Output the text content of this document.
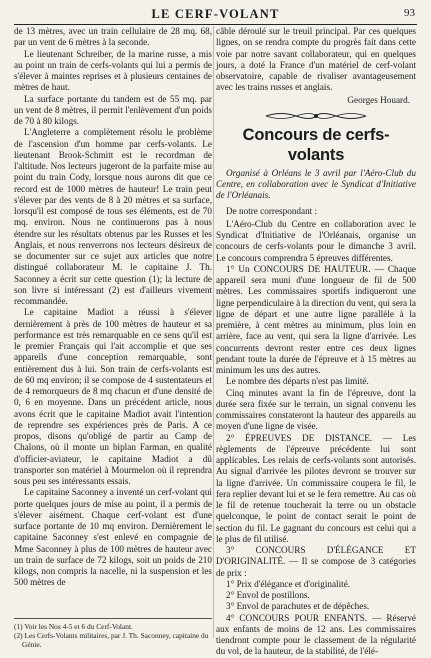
LE CERF-VOLANT	93

de 13 mètres, avec un train cellulaire de 28 mq. 68, par un vent de 6 mètres à la seconde.

Le lieutenant Schreiber, de la marine russe, a mis au point un train de cerfs-volants qui lui a permis de s'élever à maintes reprises et à plusieurs centaines de mètres de haut.

La surface portante du tandem est de 55 mq. par un vent de 8 mètres, il permit l'enlèvement d'un poids de 70 à 80 kilogs.

L'Angleterre a complètement résolu le problème de l'ascension d'un homme par cerfs-volants. Le lieutenant Brook-Schmitt est le recordman de l'altitude. Nos lecteurs jugeront de la parfaite mise au point du train Cody, lorsque nous aurons dit que ce record est de 1000 mètres de hauteur! Le train peut s'élever par des vents de 8 à 20 mètres et sa surface, lorsqu'il est composé de tous ses éléments, est de 70 mq. environ. Nous ne continuerons pas à nous étendre sur les résultats obtenus par les Russes et les Anglais, et nous renverrons nos lecteurs désireux de se documenter sur ce sujet aux articles que notre distingué collaborateur M. le capitaine J. Th. Saconney a écrit sur cette question (1); la lecture de son livre si intéressant (2) est d'ailleurs vivement recommandée.

Le capitaine Madiot a réussi à s'élever dernièrement à près de 100 mètres de hauteur et sa performance est très remarquable en ce sens qu'il est le premier Français qui l'ait accomplie et que ses appareils d'une conception remarquable, sont entièrement dus à lui. Son train de cerfs-volants est de 60 mq environ; il se compose de 4 sustentateurs et de 4 remorqueurs de 8 mq chacun et d'une densité de 0, 6 en moyenne. Dans un précédent article, nous avons écrit que le capitaine Madiot avait l'intention de reprendre ses expériences près de Paris. A ce propos, disons qu'obligé de partir au Camp de Chalons, où il monte un biplan Farman, en qualité d'officier-aviateur, le capitaine Madiot a dû transporter son matériel à Mourmelon où il reprendra sous peu ses intéressants essais.

Le capitaine Saconney a inventé un cerf-volant qui porte quelques jours de mise au point, il a permis de s'élever aisément. Chaque cerf-volant est d'une surface portante de 10 mq environ. Dernièrement le capitaine Saconney s'est enlevé en compagnie de Mme Saconney à plus de 100 mètres de hauteur avec un train de surface de 72 kilogs, soit un poids de 210 kilogs, non compris la nacelle, ni la suspension et les 500 mètres de

(1) Voir les Nos 4-5 et 6 du Cerf-Volant.

(2) Les Cerfs-Volants militaires, par J. Th. Saconney, capitaine du Génie.

câble déroulé sur le treuil principal. Par ces quelques lignes, on se rendra compte du progrès fait dans cette voie par notre savant collaborateur, qui en quelques jours, a doté la France d'un matériel de cerf-volant observatoire, capable de rivaliser avantageusement avec les trains russes et anglais.

Georges Houard.

Concours de cerfs-volants

Organisé à Orléans le 3 avril par l'Aéro-Club du Centre, en collaboration avec le Syndicat d'Initiative de l'Orléanais.

De notre correspondant :

L'Aéro-Club du Centre en collaboration avec le Syndicat d'Initiative de l'Orléanais, organise un concours de cerfs-volants pour le dimanche 3 avril. Le concours comprendra 5 épreuves différentes.

1° Un CONCOURS DE HAUTEUR. — Chaque appareil sera muni d'une longueur de fil de 500 mètres. Les commissaires sportifs indiqueront une ligne perpendiculaire à la direction du vent, qui sera la ligne de départ et une autre ligne parallèle à la première, à cent mètres au minimum, plus loin en arrière, face au vent, qui sera la ligne d'arrivée. Les concurrents devront rester entre ces deux lignes pendant toute la durée de l'épreuve et à 15 mètres au minimum les uns des autres.

Le nombre des départs n'est pas limité.

Cinq minutes avant la fin de l'épreuve, dont la durée sera fixée sur le terrain, un signal convenu les commissaires constateront la hauteur des appareils au moyen d'une ligne de visée.

2° ÉPREUVES DE DISTANCE. — Les règlements de l'épreuve précédente lui sont applicables. Les relais de cerfs-volants sont autorisés. Au signal d'arrivée les pilotes devront se trouver sur la ligne d'arrivée. Un commissaire coupera le fil, le fera replier devant lui et se le fera remettre. Au cas où le fil de retenue toucherait la terre ou un obstacle quelconque, le point de contact serait le point de section du fil. Le gagnant du concours est celui qui a le plus de fil utilisé.

3° CONCOURS D'ÉLÉGANCE ET D'ORIGINALITÉ. — Il se compose de 3 catégories de prix :

1° Prix d'élégance et d'originalité.

2° Envol de postillons.

3° Envol de parachutes et de dépêches.

4° CONCOURS POUR ENFANTS. — Réservé aux enfants de moins de 12 ans. Les commissaires tiendront compte pour le classement de la régularité du vol, de la hauteur, de la stabilité, de l'élé-
